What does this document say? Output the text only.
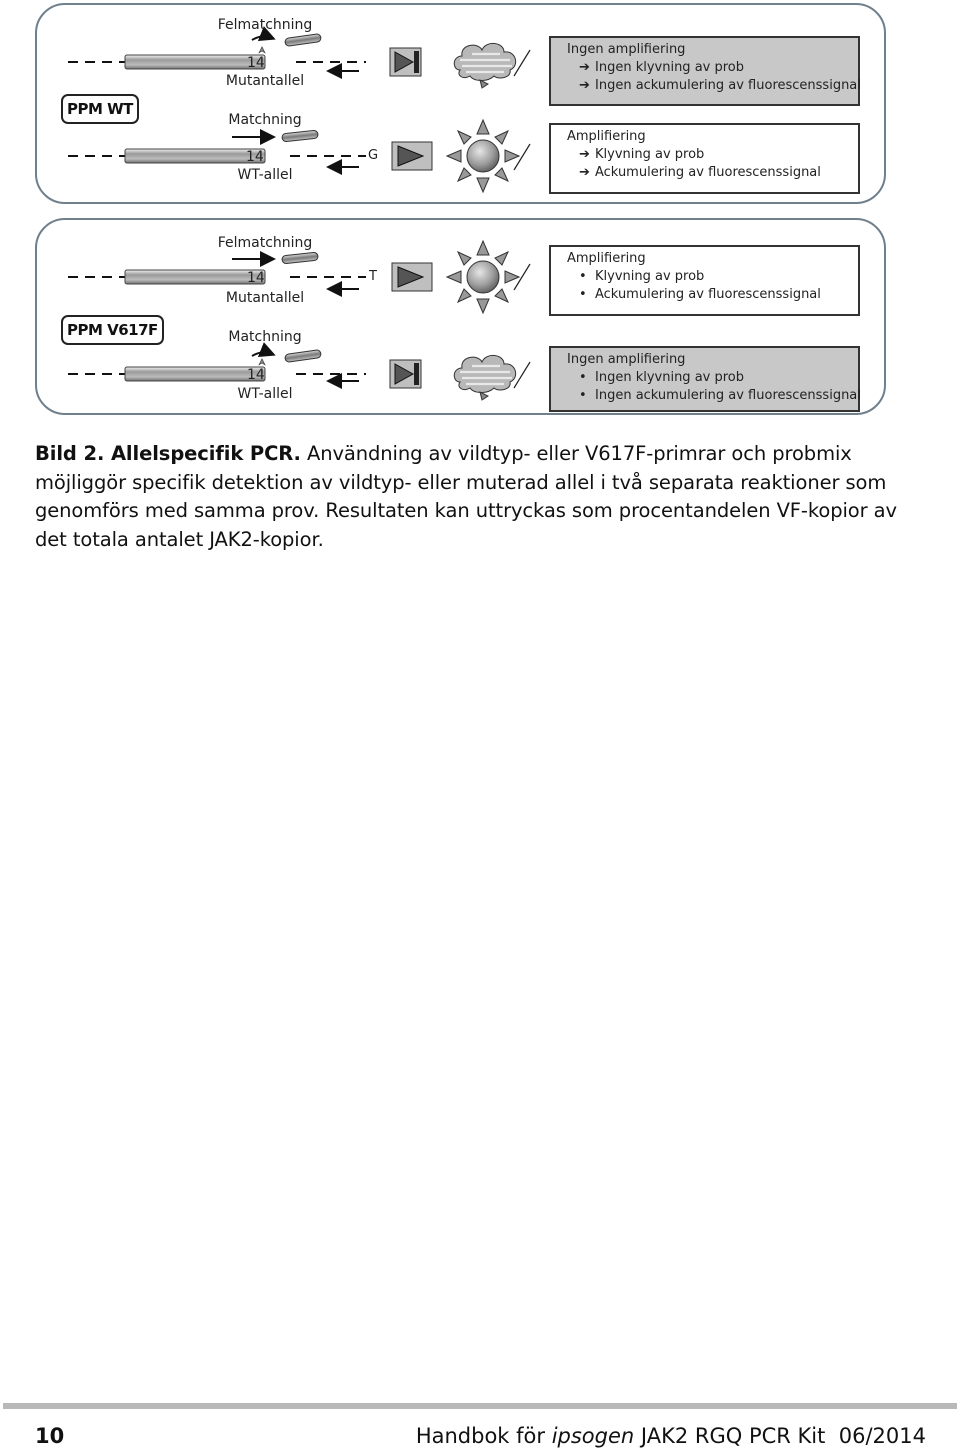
PPM WT
Felmatchning
14
Mutantallel
Matchning
14
WT-allel
G
Ingen amplifiering
➔ Ingen klyvning av prob
➔ Ingen ackumulering av fluorescenssignal
Amplifiering
➔ Klyvning av prob
➔ Ackumulering av fluorescenssignal
PPM V617F
Felmatchning
14
Mutantallel
T
Matchning
14
WT-allel
Amplifiering
• Klyvning av prob
• Ackumulering av fluorescenssignal
Ingen amplifiering
• Ingen klyvning av prob
• Ingen ackumulering av fluorescenssignal
Bild 2. Allelspecifik PCR. Användning av vildtyp- eller V617F-primrar och probmix möjliggör specifik detektion av vildtyp- eller muterad allel i två separata reaktioner som genomförs med samma prov. Resultaten kan uttryckas som procentandelen VF-kopior av det totala antalet JAK2-kopior.
10	Handbok för ipsogen JAK2 RGQ PCR Kit 06/2014
